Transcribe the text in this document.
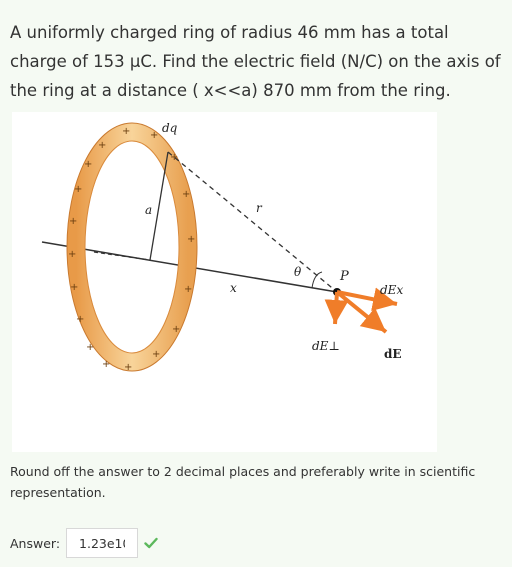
A uniformly charged ring of radius 46 mm has a total charge of 153 μC. Find the electric field (N/C) on the axis of the ring at a distance ( x<<a) 870 mm from the ring.
+
+
+
+
+
+
+ +
+
+
+
+
+
+
+
+
+
+
dq
a	r
θ	P
x	dEx
dE⊥
dE
Round off the answer to 2 decimal places and preferably write in scientific representation.
Answer:
1.23e10
